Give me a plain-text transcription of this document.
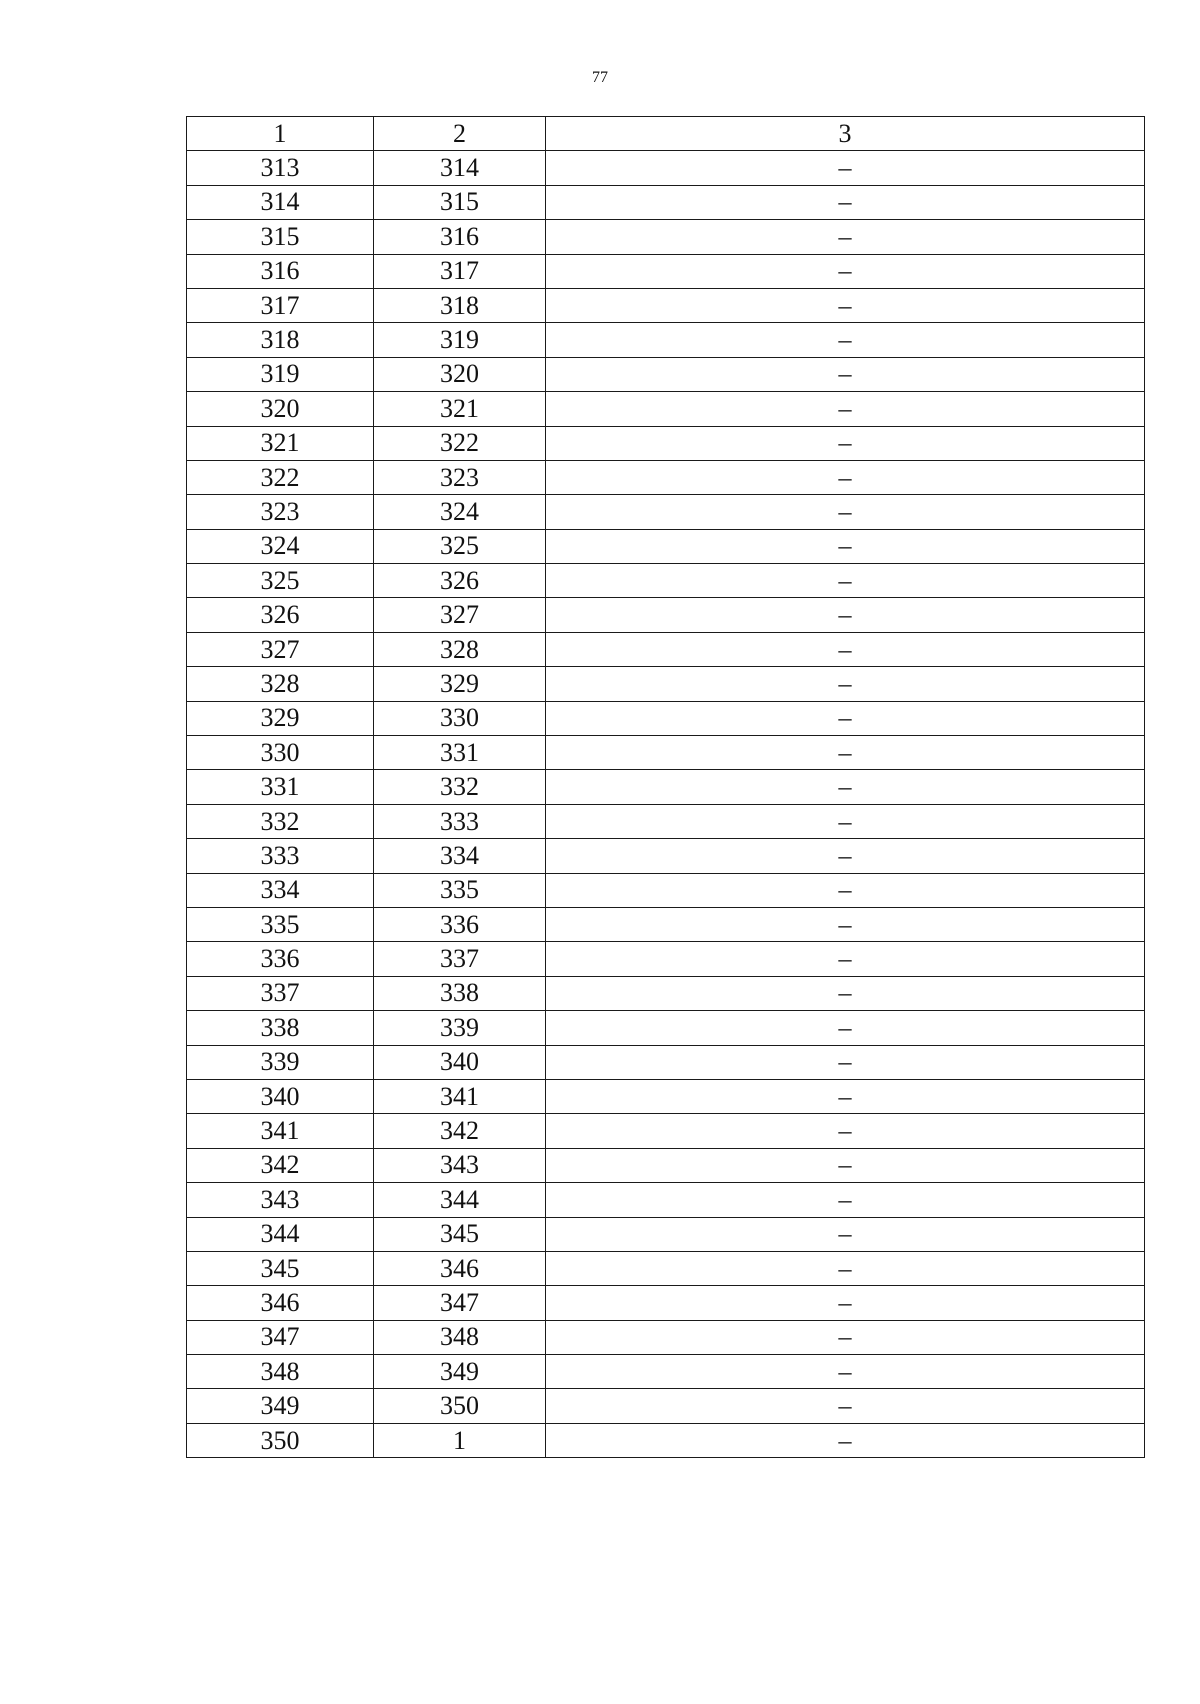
77
1	2	3
313	314	–
314	315	–
315	316	–
316	317	–
317	318	–
318	319	–
319	320	–
320	321	–
321	322	–
322	323	–
323	324	–
324	325	–
325	326	–
326	327	–
327	328	–
328	329	–
329	330	–
330	331	–
331	332	–
332	333	–
333	334	–
334	335	–
335	336	–
336	337	–
337	338	–
338	339	–
339	340	–
340	341	–
341	342	–
342	343	–
343	344	–
344	345	–
345	346	–
346	347	–
347	348	–
348	349	–
349	350	–
350	1	–
